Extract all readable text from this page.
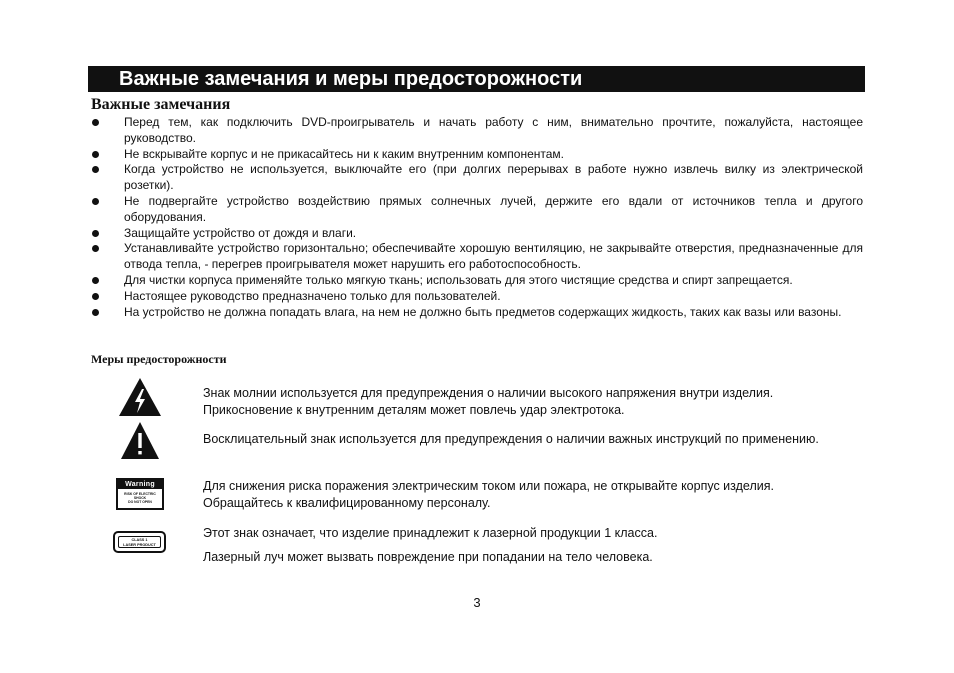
Важные замечания и меры предосторожности
Важные замечания
Перед тем, как подключить DVD-проигрыватель и начать работу с ним, внимательно прочтите, пожалуйста, настоящее руководство.
Не вскрывайте корпус и не прикасайтесь ни к каким внутренним компонентам.
Когда устройство не используется, выключайте его (при долгих перерывах в работе нужно извлечь вилку из электрической розетки).
Не подвергайте устройство воздействию прямых солнечных лучей, держите его вдали от источников тепла и другого оборудования.
Защищайте устройство от дождя и влаги.
Устанавливайте устройство горизонтально; обеспечивайте хорошую вентиляцию, не закрывайте отверстия, предназначенные для отвода тепла, - перегрев проигрывателя может нарушить его работоспособность.
Для чистки корпуса применяйте только мягкую ткань; использовать для этого чистящие средства и спирт запрещается.
Настоящее руководство предназначено только для пользователей.
На устройство не должна попадать влага, на нем не должно быть предметов содержащих жидкость, таких как вазы или вазоны.
Меры предосторожности
Знак молнии используется для предупреждения о наличии высокого напряжения внутри изделия. Прикосновение к внутренним деталям может повлечь удар электротока.
Восклицательный знак используется для предупреждения о наличии важных инструкций по применению.
Warning
RISK OF ELECTRIC SHOCK
DO NOT OPEN
Для снижения риска поражения электрическим током или пожара, не открывайте корпус изделия. Обращайтесь к квалифицированному персоналу.
CLASS 1
LASER PRODUCT
Этот знак означает, что изделие принадлежит к лазерной продукции 1 класса.
Лазерный луч может вызвать повреждение при попадании на тело человека.
3
